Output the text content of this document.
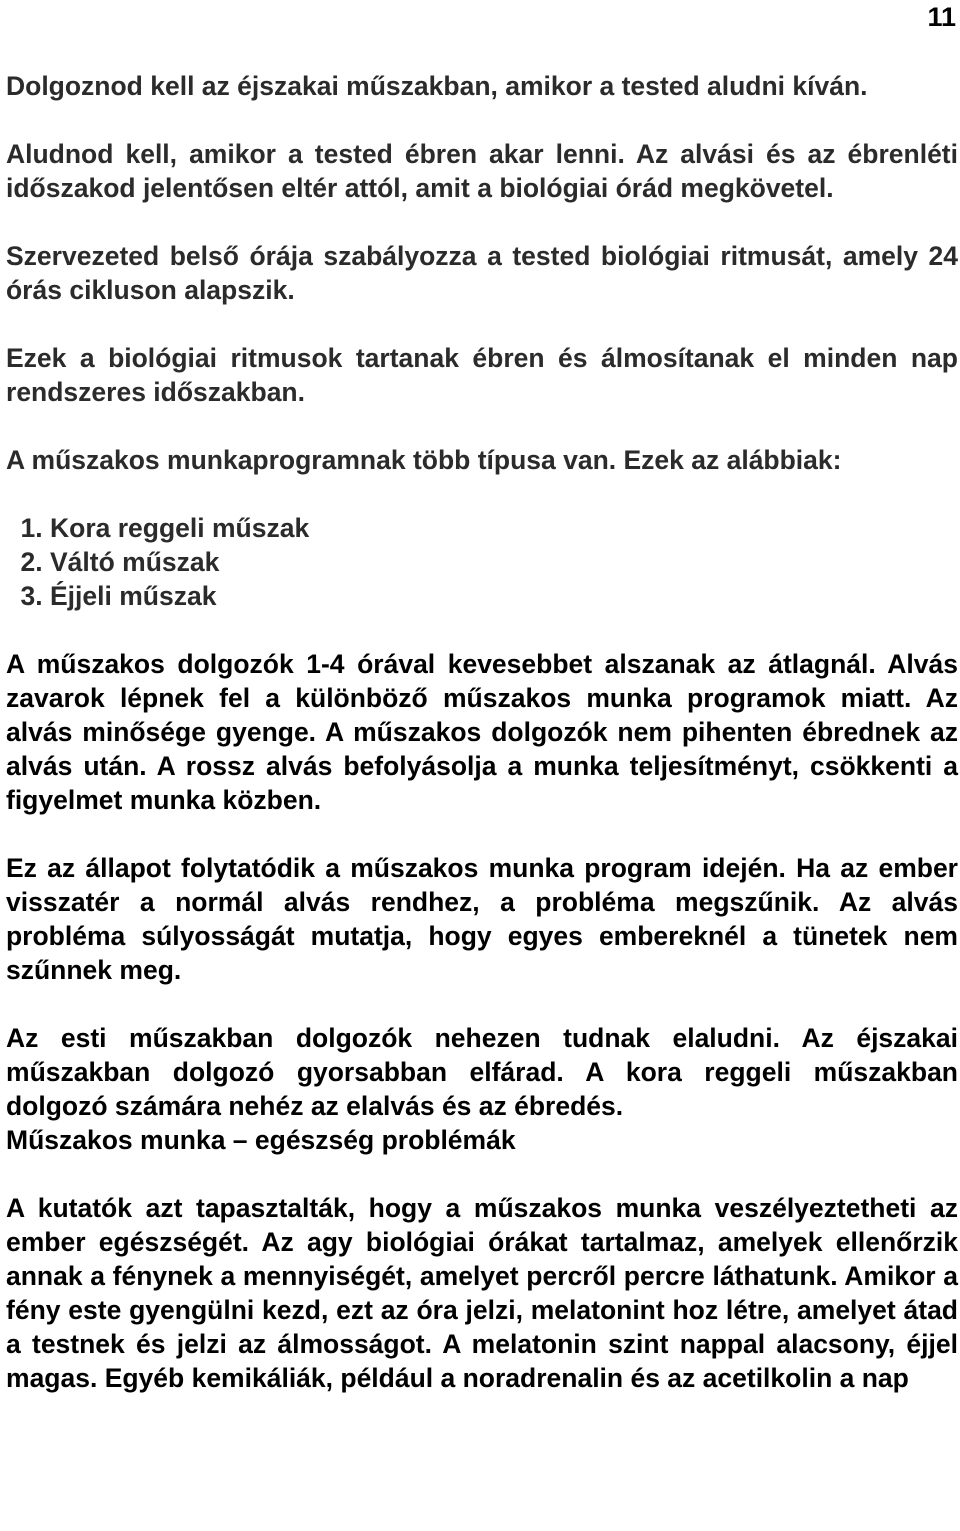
11

Dolgoznod kell az éjszakai műszakban, amikor a tested aludni kíván.

Aludnod kell, amikor a tested ébren akar lenni. Az alvási és az ébrenléti időszakod jelentősen eltér attól, amit a biológiai órád megkövetel.

Szervezeted belső órája szabályozza a tested biológiai ritmusát, amely 24 órás cikluson alapszik.

Ezek a biológiai ritmusok tartanak ébren és álmosítanak el minden nap rendszeres időszakban.

A műszakos munkaprogramnak több típusa van. Ezek az alábbiak:

1. Kora reggeli műszak
2. Váltó műszak
3. Éjjeli műszak

A műszakos dolgozók 1-4 órával kevesebbet alszanak az átlagnál. Alvás zavarok lépnek fel a különböző műszakos munka programok miatt. Az alvás minősége gyenge. A műszakos dolgozók nem pihenten ébrednek az alvás után. A rossz alvás befolyásolja a munka teljesítményt, csökkenti a figyelmet munka közben.

Ez az állapot folytatódik a műszakos munka program idején. Ha az ember visszatér a normál alvás rendhez, a probléma megszűnik. Az alvás probléma súlyosságát mutatja, hogy egyes embereknél a tünetek nem szűnnek meg.

Az esti műszakban dolgozók nehezen tudnak elaludni. Az éjszakai műszakban dolgozó gyorsabban elfárad. A kora reggeli műszakban dolgozó számára nehéz az elalvás és az ébredés.

Műszakos munka – egészség problémák

A kutatók azt tapasztalták, hogy a műszakos munka veszélyeztetheti az ember egészségét. Az agy biológiai órákat tartalmaz, amelyek ellenőrzik annak a fénynek a mennyiségét, amelyet percről percre láthatunk. Amikor a fény este gyengülni kezd, ezt az óra jelzi, melatonint hoz létre, amelyet átad a testnek és jelzi az álmosságot. A melatonin szint nappal alacsony, éjjel magas. Egyéb kemikáliák, például a noradrenalin és az acetilkolin a nap
